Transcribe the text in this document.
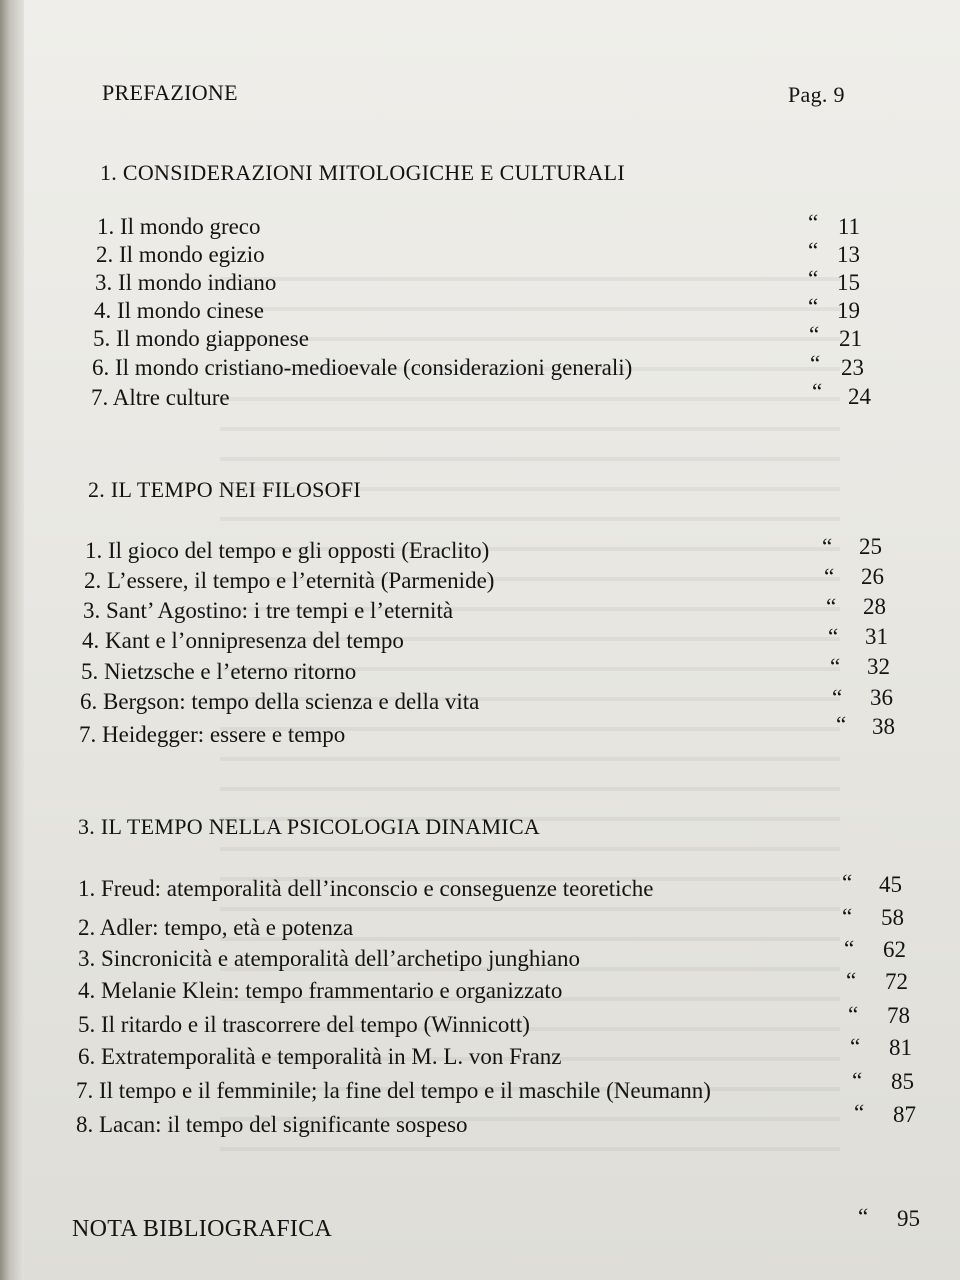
PREFAZIONE	Pag. 9
1. CONSIDERAZIONI MITOLOGICHE E CULTURALI
1. Il mondo greco	“ 11
2. Il mondo egizio	“ 13
3. Il mondo indiano	“ 15
4. Il mondo cinese	“ 19
5. Il mondo giapponese	“ 21
6. Il mondo cristiano-medioevale (considerazioni generali)	“ 23
7. Altre culture	“	24
2. IL TEMPO NEI FILOSOFI
1. Il gioco del tempo e gli opposti (Eraclito)	“	25
2. L’essere, il tempo e l’eternità (Parmenide)	“	26
3. Sant’ Agostino: i tre tempi e l’eternità	“	28
4. Kant e l’onnipresenza del tempo	“	31
5. Nietzsche e l’eterno ritorno	“	32
6. Bergson: tempo della scienza e della vita	“	36
7. Heidegger: essere e tempo	“	38
3. IL TEMPO NELLA PSICOLOGIA DINAMICA
1. Freud: atemporalità dell’inconscio e conseguenze teoretiche	“	45
2. Adler: tempo, età e potenza	“	58
3. Sincronicità e atemporalità dell’archetipo junghiano	“	62
4. Melanie Klein: tempo frammentario e organizzato	“	72
5. Il ritardo e il trascorrere del tempo (Winnicott)	“	78
6. Extratemporalità e temporalità in M. L. von Franz	“	81
7. Il tempo e il femminile; la fine del tempo e il maschile (Neumann)	“	85
8. Lacan: il tempo del significante sospeso	“	87
NOTA BIBLIOGRAFICA	“	95
